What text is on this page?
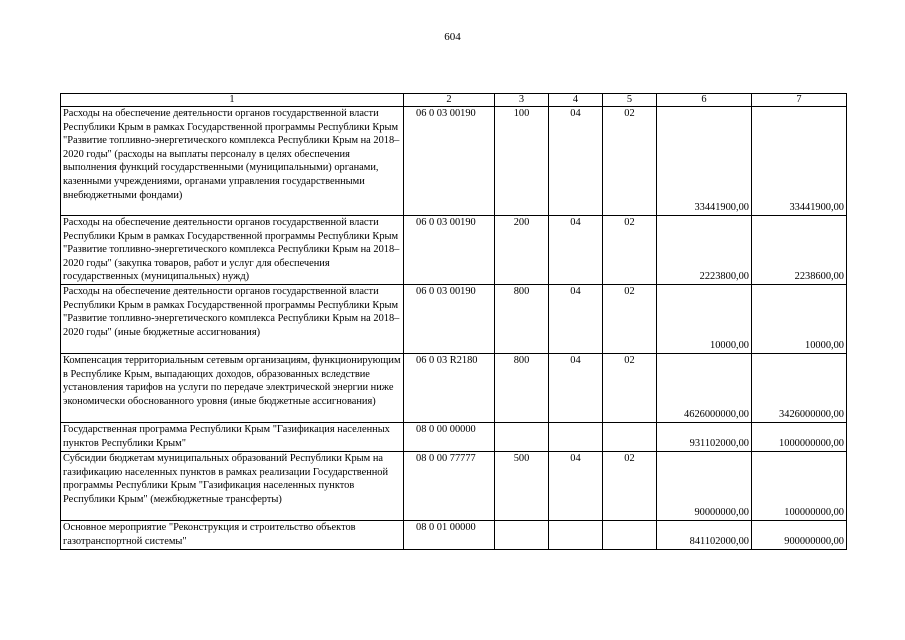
604
1	2	3	4	5	6	7
Расходы на обеспечение деятельности органов государственной власти Республики Крым в рамках Государственной программы Республики Крым "Развитие топливно-энергетического комплекса Республики Крым на 2018–2020 годы" (расходы на выплаты персоналу в целях обеспечения выполнения функций государственными (муниципальными) органами, казенными учреждениями, органами управления государственными внебюджетными фондами)	06 0 03 00190	100	04	02	33441900,00	33441900,00
Расходы на обеспечение деятельности органов государственной власти Республики Крым в рамках Государственной программы Республики Крым "Развитие топливно-энергетического комплекса Республики Крым на 2018–2020 годы" (закупка товаров, работ и услуг для обеспечения государственных (муниципальных) нужд)	06 0 03 00190	200	04	02	2223800,00	2238600,00
Расходы на обеспечение деятельности органов государственной власти Республики Крым в рамках Государственной программы Республики Крым "Развитие топливно-энергетического комплекса Республики Крым на 2018–2020 годы" (иные бюджетные ассигнования)	06 0 03 00190	800	04	02	10000,00	10000,00
Компенсация территориальным сетевым организациям, функционирующим в Республике Крым, выпадающих доходов, образованных вследствие установления тарифов на услуги по передаче электрической энергии ниже экономически обоснованного уровня (иные бюджетные ассигнования)	06 0 03 R2180	800	04	02	4626000000,00	3426000000,00
Государственная программа Республики Крым "Газификация населенных пунктов Республики Крым"	08 0 00 00000				931102000,00	1000000000,00
Субсидии бюджетам муниципальных образований Республики Крым на газификацию населенных пунктов в рамках реализации Государственной программы Республики Крым "Газификация населенных пунктов Республики Крым" (межбюджетные трансферты)	08 0 00 77777	500	04	02	90000000,00	100000000,00
Основное мероприятие "Реконструкция и строительство объектов газотранспортной системы"	08 0 01 00000				841102000,00	900000000,00
